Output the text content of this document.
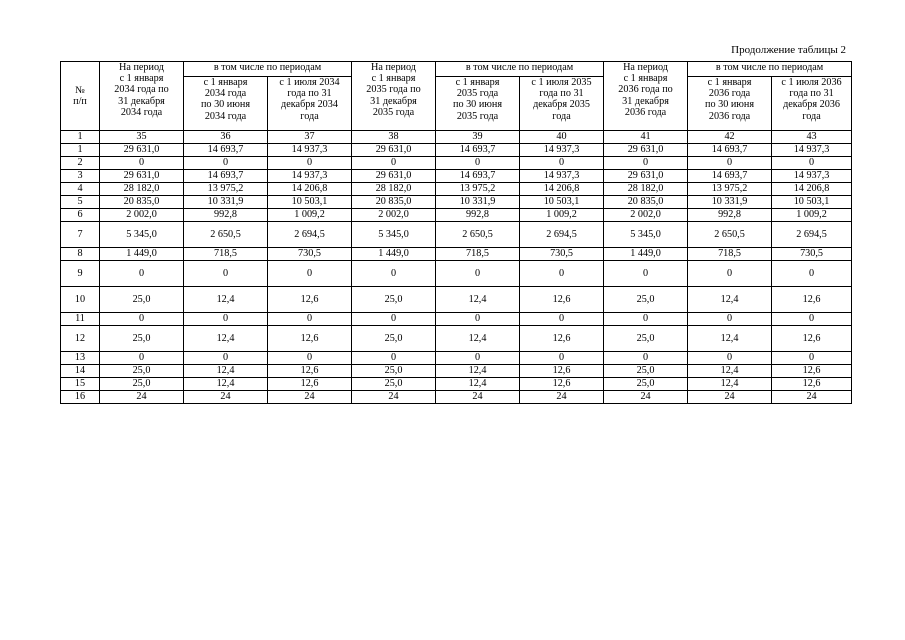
Продолжение таблицы 2
№
п/п	На период
с 1 января
2034 года по
31 декабря
2034 года	в том числе по периодам		На период
с 1 января
2035 года по
31 декабря
2035 года	в том числе по периодам		На период
с 1 января
2036 года по
31 декабря
2036 года	в том числе по периодам	
		с 1 января
2034 года
по 30 июня
2034 года	с 1 июля 2034
года по 31
декабря 2034
года		с 1 января
2035 года
по 30 июня
2035 года	с 1 июля 2035
года по 31
декабря 2035
года		с 1 января
2036 года
по 30 июня
2036 года	с 1 июля 2036
года по 31
декабря 2036
года
1	35	36	37	38	39	40	41	42	43
1	29 631,0	14 693,7	14 937,3	29 631,0	14 693,7	14 937,3	29 631,0	14 693,7	14 937,3
2	0	0	0	0	0	0	0	0	0
3	29 631,0	14 693,7	14 937,3	29 631,0	14 693,7	14 937,3	29 631,0	14 693,7	14 937,3
4	28 182,0	13 975,2	14 206,8	28 182,0	13 975,2	14 206,8	28 182,0	13 975,2	14 206,8
5	20 835,0	10 331,9	10 503,1	20 835,0	10 331,9	10 503,1	20 835,0	10 331,9	10 503,1
6	2 002,0	992,8	1 009,2	2 002,0	992,8	1 009,2	2 002,0	992,8	1 009,2
7	5 345,0	2 650,5	2 694,5	5 345,0	2 650,5	2 694,5	5 345,0	2 650,5	2 694,5
8	1 449,0	718,5	730,5	1 449,0	718,5	730,5	1 449,0	718,5	730,5
9	0	0	0	0	0	0	0	0	0
10	25,0	12,4	12,6	25,0	12,4	12,6	25,0	12,4	12,6
11	0	0	0	0	0	0	0	0	0
12	25,0	12,4	12,6	25,0	12,4	12,6	25,0	12,4	12,6
13	0	0	0	0	0	0	0	0	0
14	25,0	12,4	12,6	25,0	12,4	12,6	25,0	12,4	12,6
15	25,0	12,4	12,6	25,0	12,4	12,6	25,0	12,4	12,6
16	24	24	24	24	24	24	24	24	24
